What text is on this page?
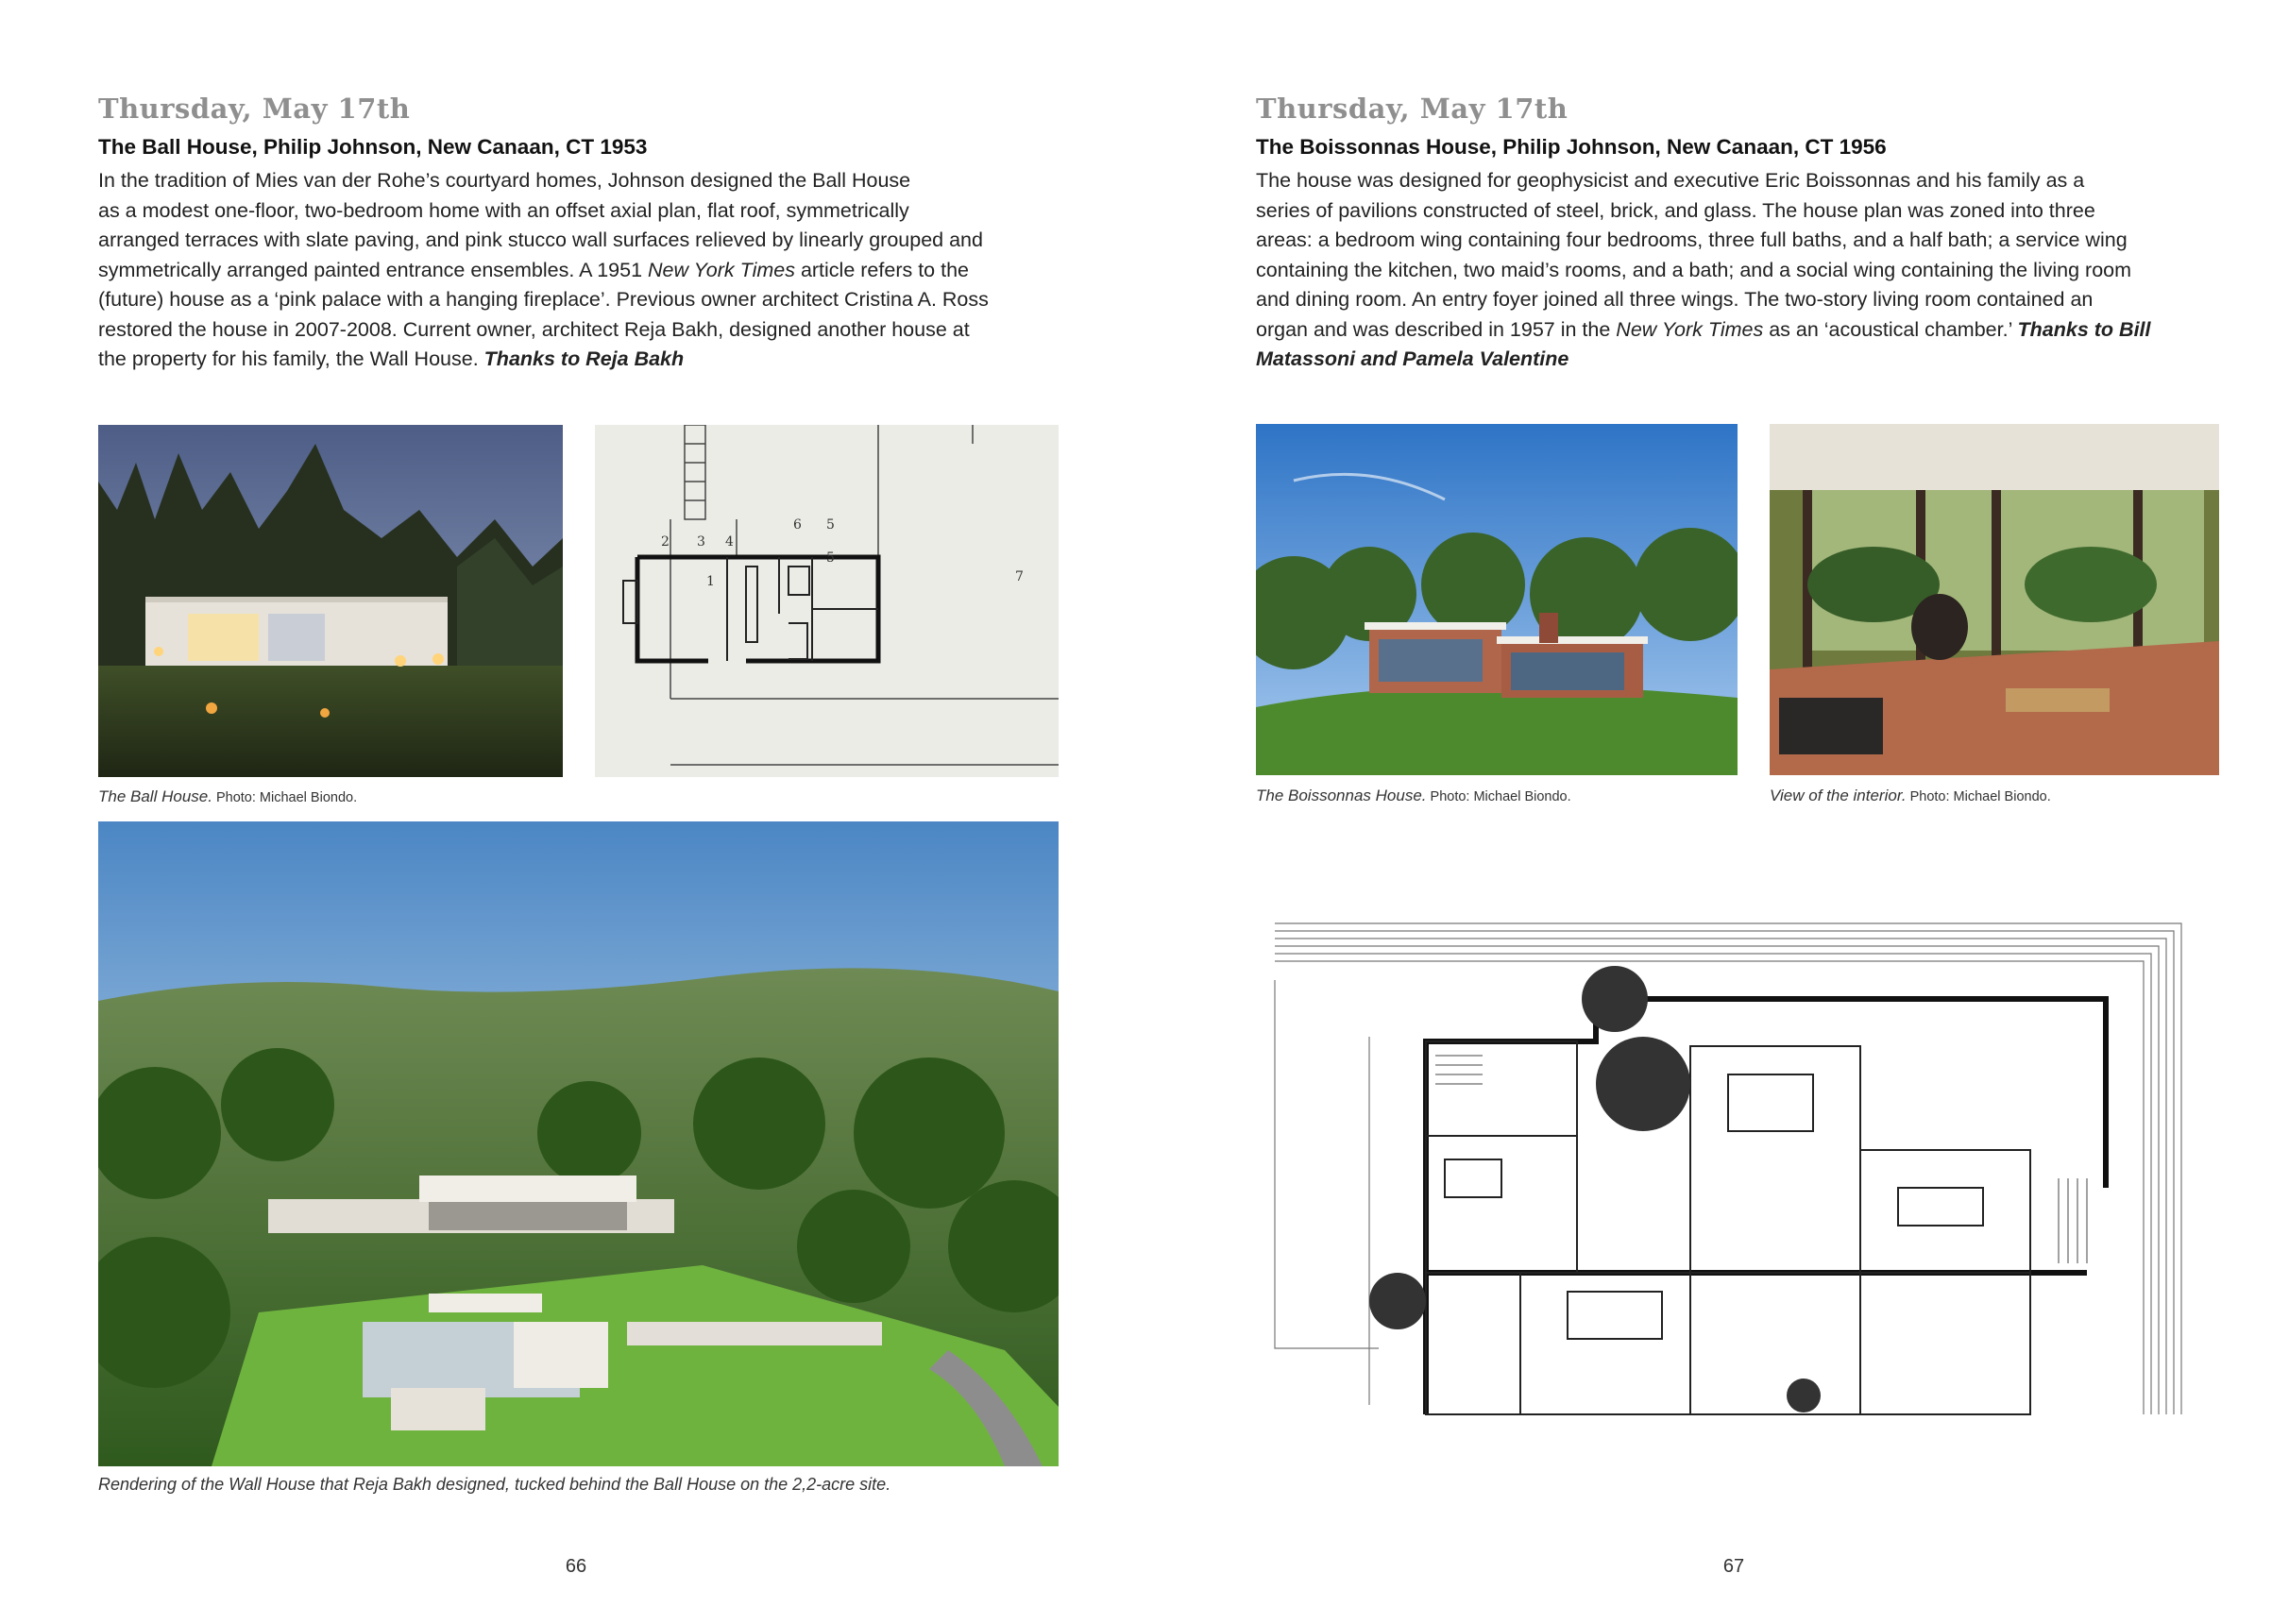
Thursday, May 17th
The Ball House, Philip Johnson, New Canaan, CT 1953
In the tradition of Mies van der Rohe’s courtyard homes, Johnson designed the Ball House
as a modest one-floor, two-bedroom home with an offset axial plan, flat roof, symmetrically
arranged terraces with slate paving, and pink stucco wall surfaces relieved by linearly grouped and
symmetrically arranged painted entrance ensembles. A 1951 New York Times article refers to the
(future) house as a ‘pink palace with a hanging fireplace’. Previous owner architect Cristina A. Ross
restored the house in 2007-2008. Current owner, architect Reja Bakh, designed another house at
the property for his family, the Wall House. Thanks to Reja Bakh
2 3 4
5
5
1
6
7
The Ball House. Photo: Michael Biondo.
Rendering of the Wall House that Reja Bakh designed, tucked behind the Ball House on the 2,2-acre site.
66
Thursday, May 17th
The Boissonnas House, Philip Johnson, New Canaan, CT 1956
The house was designed for geophysicist and executive Eric Boissonnas and his family as a
series of pavilions constructed of steel, brick, and glass. The house plan was zoned into three
areas: a bedroom wing containing four bedrooms, three full baths, and a half bath; a service wing
containing the kitchen, two maid’s rooms, and a bath; and a social wing containing the living room
and dining room. An entry foyer joined all three wings. The two-story living room contained an
organ and was described in 1957 in the New York Times as an ‘acoustical chamber.’ Thanks to Bill
Matassoni and Pamela Valentine
The Boissonnas House. Photo: Michael Biondo.	View of the interior. Photo: Michael Biondo.
67
